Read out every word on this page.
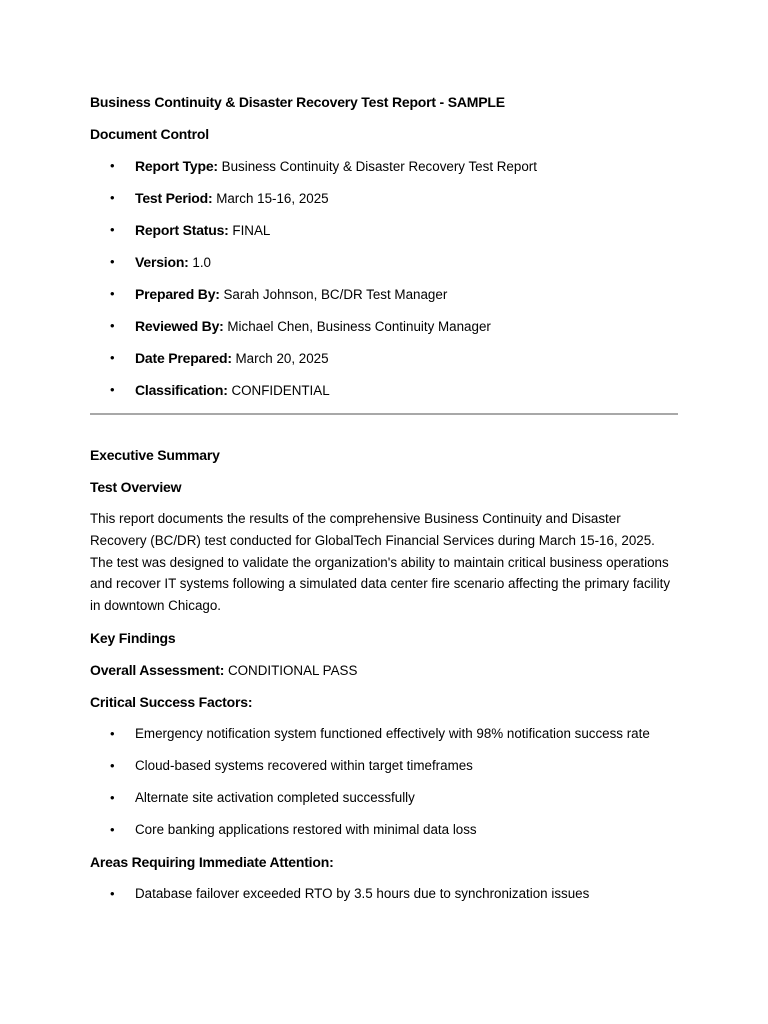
Business Continuity & Disaster Recovery Test Report - SAMPLE
Document Control
• Report Type: Business Continuity & Disaster Recovery Test Report
• Test Period: March 15-16, 2025
• Report Status: FINAL
• Version: 1.0
• Prepared By: Sarah Johnson, BC/DR Test Manager
• Reviewed By: Michael Chen, Business Continuity Manager
• Date Prepared: March 20, 2025
• Classification: CONFIDENTIAL
Executive Summary
Test Overview
This report documents the results of the comprehensive Business Continuity and Disaster Recovery (BC/DR) test conducted for GlobalTech Financial Services during March 15-16, 2025. The test was designed to validate the organization's ability to maintain critical business operations and recover IT systems following a simulated data center fire scenario affecting the primary facility in downtown Chicago.
Key Findings
Overall Assessment: CONDITIONAL PASS
Critical Success Factors:
• Emergency notification system functioned effectively with 98% notification success rate
• Cloud-based systems recovered within target timeframes
• Alternate site activation completed successfully
• Core banking applications restored with minimal data loss
Areas Requiring Immediate Attention:
• Database failover exceeded RTO by 3.5 hours due to synchronization issues
